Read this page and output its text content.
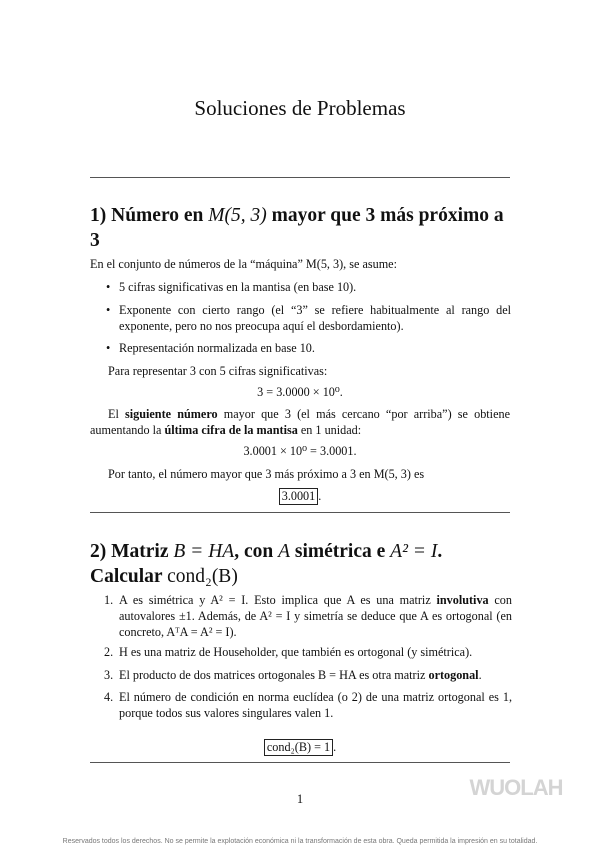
Soluciones de Problemas
1) Número en M(5, 3) mayor que 3 más próximo a 3
En el conjunto de números de la “máquina” M(5, 3), se asume:
• 5 cifras significativas en la mantisa (en base 10).
• Exponente con cierto rango (el “3” se refiere habitualmente al rango del exponente, pero no nos preocupa aquí el desbordamiento).
• Representación normalizada en base 10.
Para representar 3 con 5 cifras significativas:
3 = 3.0000 × 10⁰.
El siguiente número mayor que 3 (el más cercano “por arriba”) se obtiene aumentando la última cifra de la mantisa en 1 unidad:
3.0001 × 10⁰ = 3.0001.
Por tanto, el número mayor que 3 más próximo a 3 en M(5, 3) es
3.0001 .
2) Matriz B = HA, con A simétrica e A² = I. Calcular cond₂(B)
1. A es simétrica y A² = I. Esto implica que A es una matriz involutiva con autovalores ±1. Además, de A² = I y simetría se deduce que A es ortogonal (en concreto, AᵀA = A² = I).
2. H es una matriz de Householder, que también es ortogonal (y simétrica).
3. El producto de dos matrices ortogonales B = HA es otra matriz ortogonal.
4. El número de condición en norma euclídea (o 2) de una matriz ortogonal es 1, porque todos sus valores singulares valen 1.
cond₂(B) = 1 .
1	WUOLAH
Reservados todos los derechos. No se permite la explotación económica ni la transformación de esta obra. Queda permitida la impresión en su totalidad.
